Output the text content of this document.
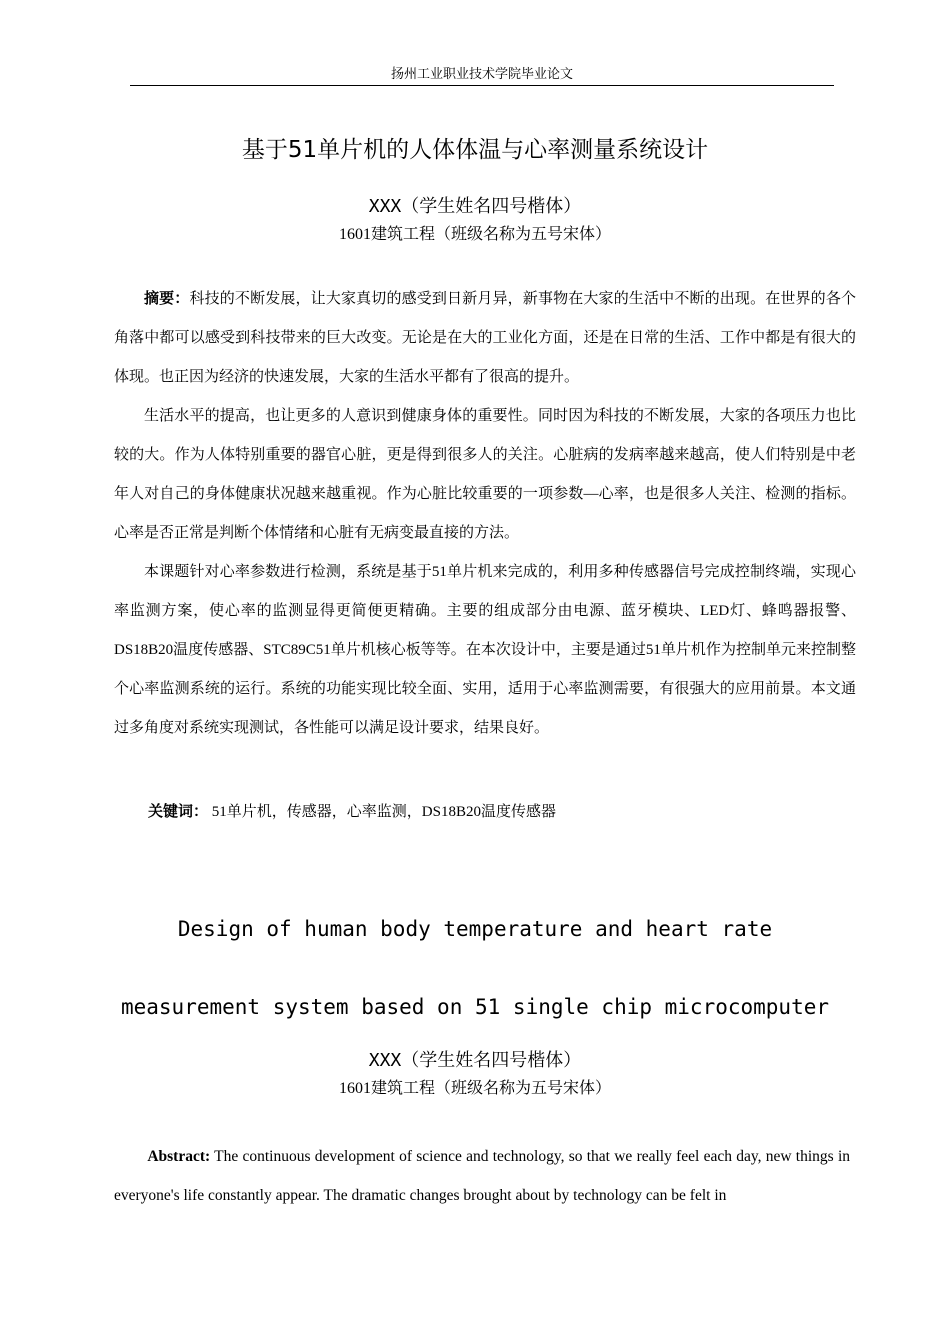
扬州工业职业技术学院毕业论文
基于51单片机的人体体温与心率测量系统设计
XXX（学生姓名四号楷体）
1601建筑工程（班级名称为五号宋体）

摘要：科技的不断发展，让大家真切的感受到日新月异，新事物在大家的生活中不断的出现。在世界的各个角落中都可以感受到科技带来的巨大改变。无论是在大的工业化方面，还是在日常的生活、工作中都是有很大的体现。也正因为经济的快速发展，大家的生活水平都有了很高的提升。

生活水平的提高，也让更多的人意识到健康身体的重要性。同时因为科技的不断发展，大家的各项压力也比较的大。作为人体特别重要的器官心脏，更是得到很多人的关注。心脏病的发病率越来越高，使人们特别是中老年人对自己的身体健康状况越来越重视。作为心脏比较重要的一项参数—心率，也是很多人关注、检测的指标。心率是否正常是判断个体情绪和心脏有无病变最直接的方法。

本课题针对心率参数进行检测，系统是基于51单片机来完成的，利用多种传感器信号完成控制终端，实现心率监测方案，使心率的监测显得更简便更精确。主要的组成部分由电源、蓝牙模块、LED灯、蜂鸣器报警、DS18B20温度传感器、STC89C51单片机核心板等等。在本次设计中，主要是通过51单片机作为控制单元来控制整个心率监测系统的运行。系统的功能实现比较全面、实用，适用于心率监测需要，有很强大的应用前景。本文通过多角度对系统实现测试，各性能可以满足设计要求，结果良好。

关键词： 51单片机，传感器，心率监测，DS18B20温度传感器
Design of human body temperature and heart rate
measurement system based on 51 single chip microcomputer
XXX（学生姓名四号楷体）
1601建筑工程（班级名称为五号宋体）

Abstract: The continuous development of science and technology, so that we really feel each day, new things in everyone's life constantly appear. The dramatic changes brought about by technology can be felt in
